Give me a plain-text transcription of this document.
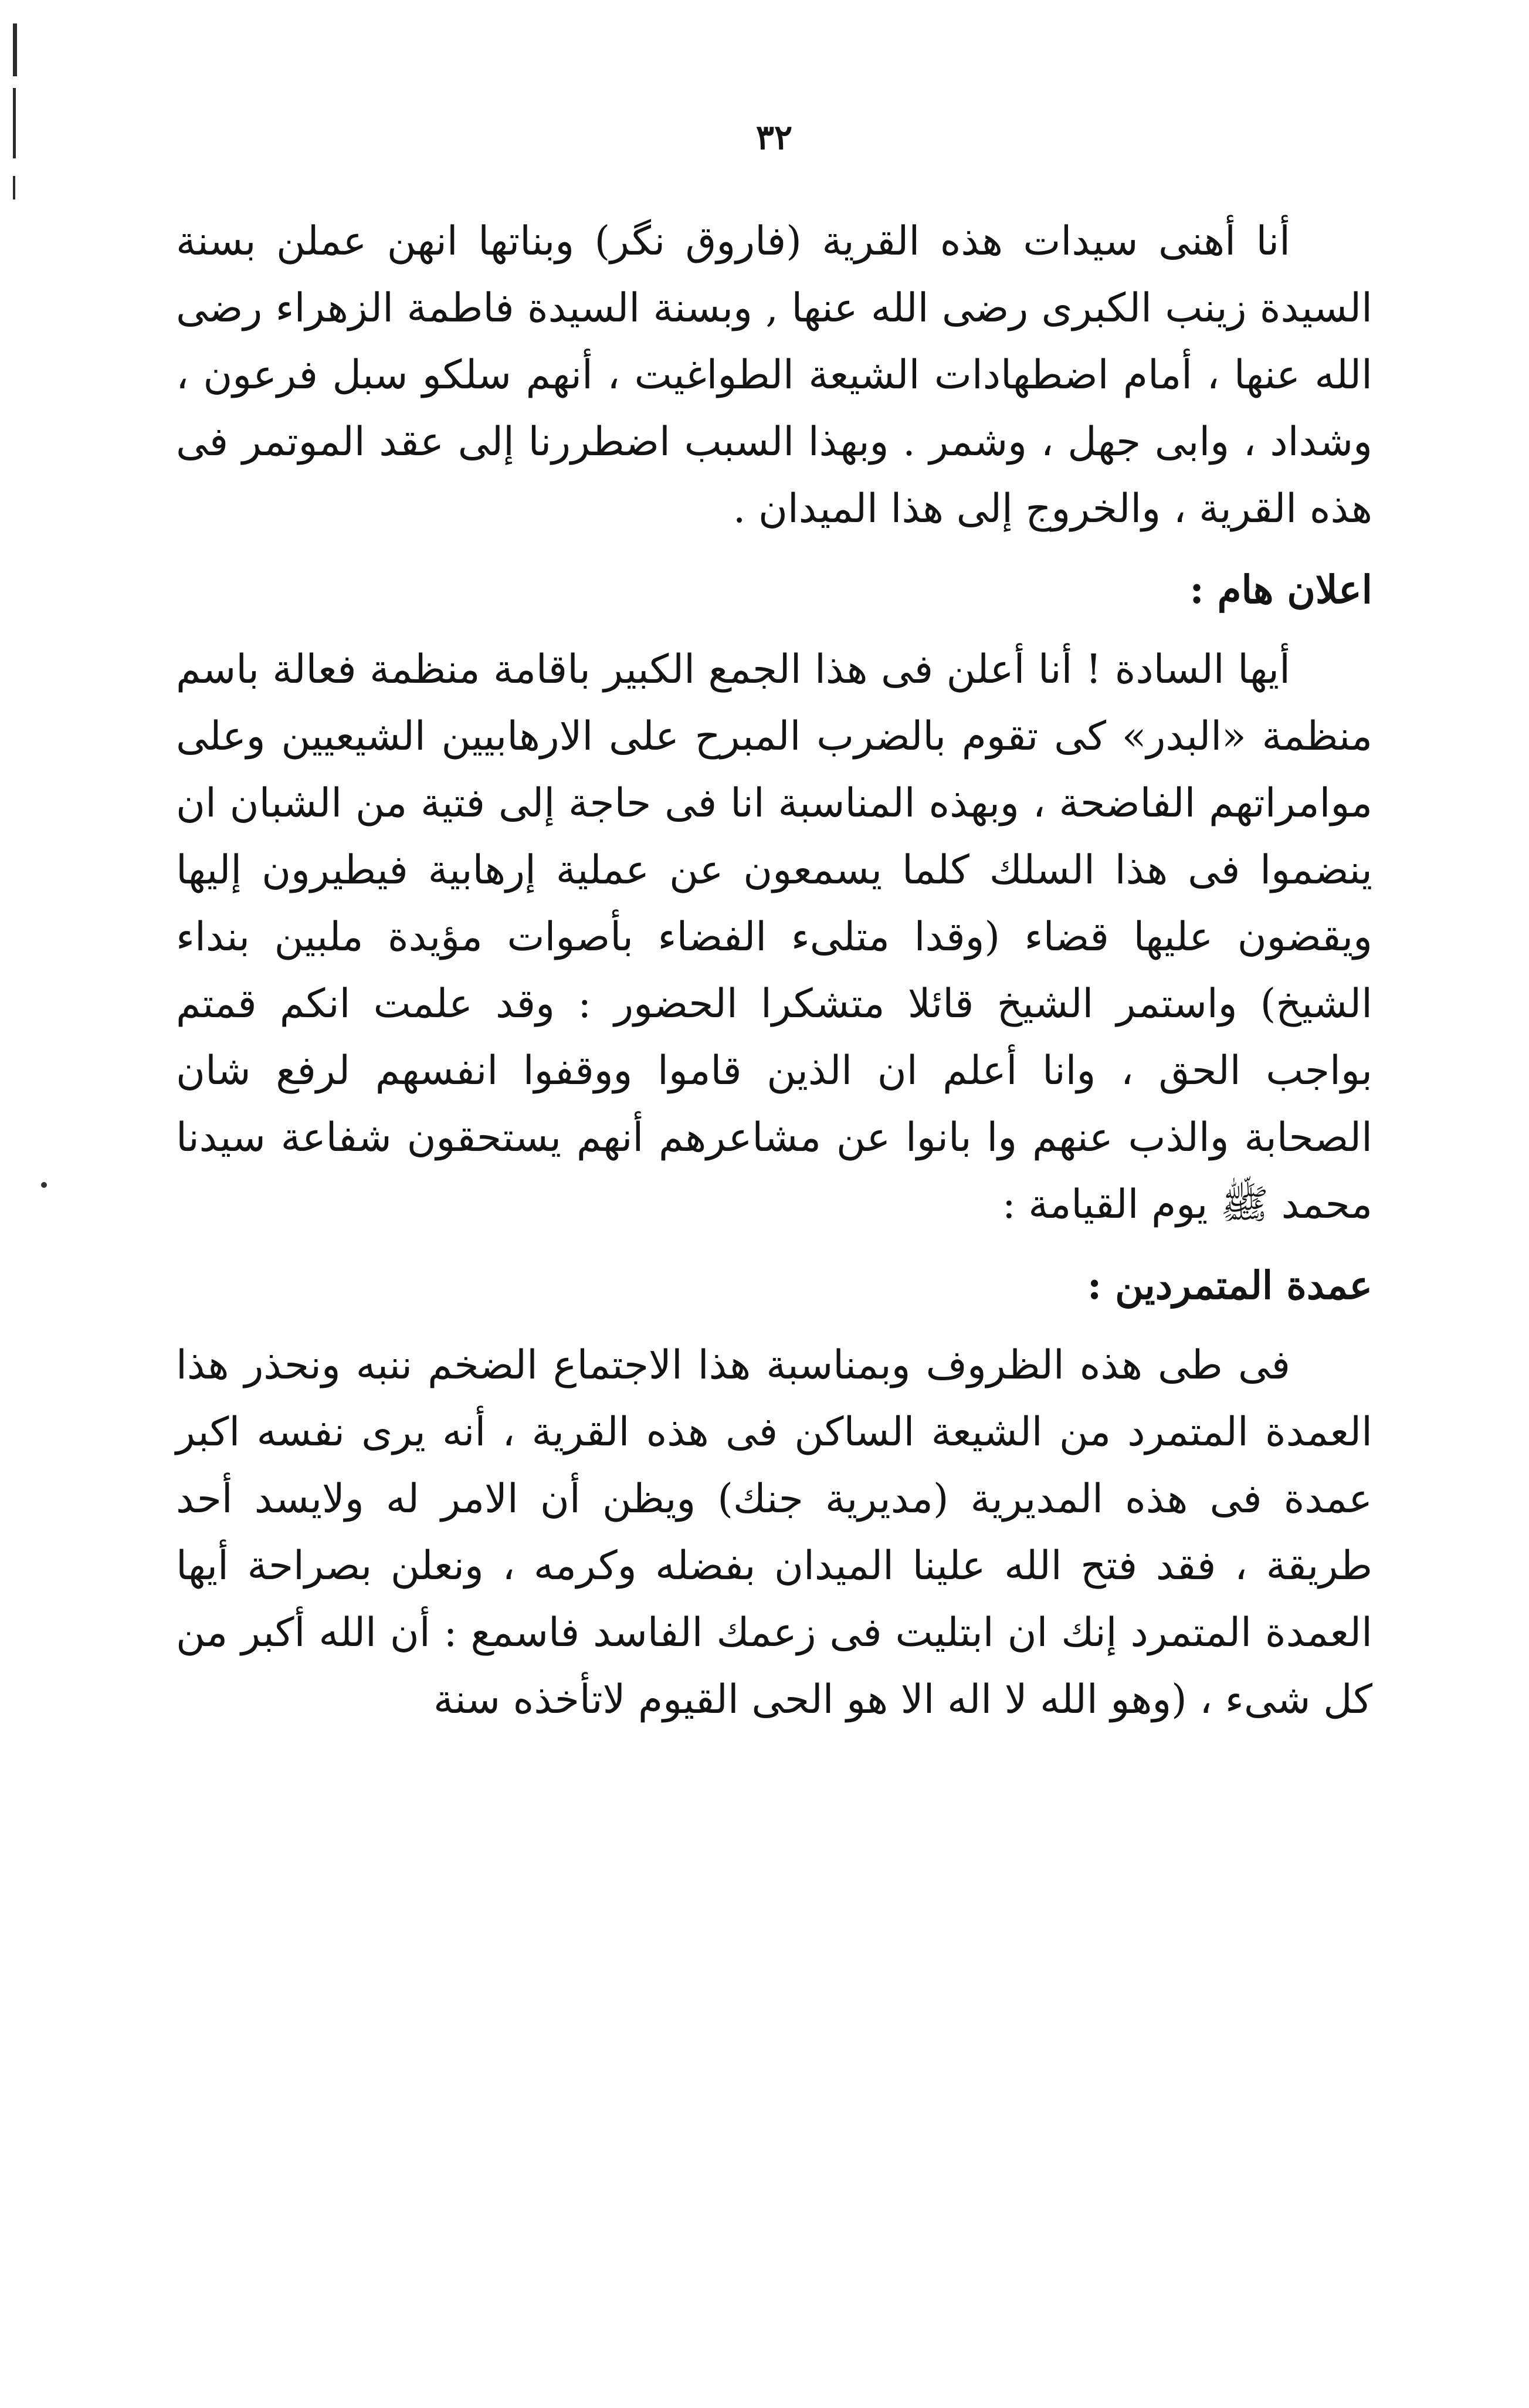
٣٢

أنا أهنى سيدات هذه القرية (فاروق نگر) وبناتها انهن عملن بسنة السيدة زينب الكبرى رضى الله عنها , وبسنة السيدة فاطمة الزهراء رضى الله عنها ، أمام اضطهادات الشيعة الطواغيت ، أنهم سلكو سبل فرعون ، وشداد ، وابى جهل ، وشمر . وبهذا السبب اضطررنا إلى عقد الموتمر فى هذه القرية ، والخروج إلى هذا الميدان .

اعلان هام :

أيها السادة ! أنا أعلن فى هذا الجمع الكبير باقامة منظمة فعالة باسم منظمة «البدر» كى تقوم بالضرب المبرح على الارهابيين الشيعيين وعلى موامراتهم الفاضحة ، وبهذه المناسبة انا فى حاجة إلى فتية من الشبان ان ينضموا فى هذا السلك كلما يسمعون عن عملية إرهابية فيطيرون إليها ويقضون عليها قضاء (وقدا متلىء الفضاء بأصوات مؤيدة ملبين بنداء الشيخ) واستمر الشيخ قائلا متشكرا الحضور : وقد علمت انكم قمتم بواجب الحق ، وانا أعلم ان الذين قاموا ووقفوا انفسهم لرفع شان الصحابة والذب عنهم وا بانوا عن مشاعرهم أنهم يستحقون شفاعة سيدنا محمد ﷺ يوم القيامة :

عمدة المتمردين :

فى طى هذه الظروف وبمناسبة هذا الاجتماع الضخم ننبه ونحذر هذا العمدة المتمرد من الشيعة الساكن فى هذه القرية ، أنه يرى نفسه اكبر عمدة فى هذه المديرية (مديرية جنك) ويظن أن الامر له ولايسد أحد طريقة ، فقد فتح الله علينا الميدان بفضله وكرمه ، ونعلن بصراحة أيها العمدة المتمرد إنك ان ابتليت فى زعمك الفاسد فاسمع : أن الله أكبر من كل شىء ، (وهو الله لا اله الا هو الحى القيوم لاتأخذه سنة
